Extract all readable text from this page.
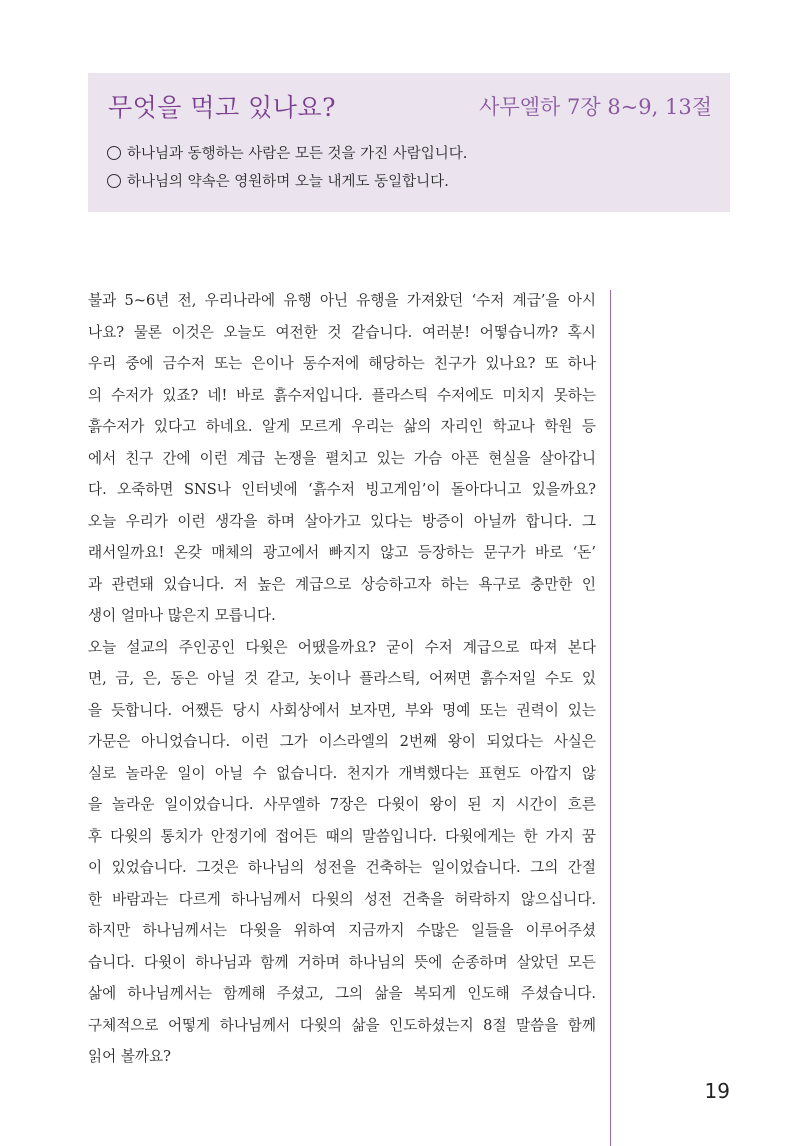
무엇을 먹고 있나요?	사무엘하 7장 8~9, 13절
하나님과 동행하는 사람은 모든 것을 가진 사람입니다.
하나님의 약속은 영원하며 오늘 내게도 동일합니다.
불과 5~6년 전, 우리나라에 유행 아닌 유행을 가져왔던 ‘수저 계급’을 아시
나요? 물론 이것은 오늘도 여전한 것 같습니다. 여러분! 어떻습니까? 혹시
우리 중에 금수저 또는 은이나 동수저에 해당하는 친구가 있나요? 또 하나
의 수저가 있죠? 네! 바로 흙수저입니다. 플라스틱 수저에도 미치지 못하는
흙수저가 있다고 하네요. 알게 모르게 우리는 삶의 자리인 학교나 학원 등
에서 친구 간에 이런 계급 논쟁을 펼치고 있는 가슴 아픈 현실을 살아갑니
다. 오죽하면 SNS나 인터넷에 ‘흙수저 빙고게임’이 돌아다니고 있을까요?
오늘 우리가 이런 생각을 하며 살아가고 있다는 방증이 아닐까 합니다. 그
래서일까요! 온갖 매체의 광고에서 빠지지 않고 등장하는 문구가 바로 ‘돈’
과 관련돼 있습니다. 저 높은 계급으로 상승하고자 하는 욕구로 충만한 인
생이 얼마나 많은지 모릅니다.
오늘 설교의 주인공인 다윗은 어땠을까요? 굳이 수저 계급으로 따져 본다
면, 금, 은, 동은 아닐 것 같고, 놋이나 플라스틱, 어쩌면 흙수저일 수도 있
을 듯합니다. 어쨌든 당시 사회상에서 보자면, 부와 명예 또는 권력이 있는
가문은 아니었습니다. 이런 그가 이스라엘의 2번째 왕이 되었다는 사실은
실로 놀라운 일이 아닐 수 없습니다. 천지가 개벽했다는 표현도 아깝지 않
을 놀라운 일이었습니다. 사무엘하 7장은 다윗이 왕이 된 지 시간이 흐른
후 다윗의 통치가 안정기에 접어든 때의 말씀입니다. 다윗에게는 한 가지 꿈
이 있었습니다. 그것은 하나님의 성전을 건축하는 일이었습니다. 그의 간절
한 바람과는 다르게 하나님께서 다윗의 성전 건축을 허락하지 않으십니다.
하지만 하나님께서는 다윗을 위하여 지금까지 수많은 일들을 이루어주셨
습니다. 다윗이 하나님과 함께 거하며 하나님의 뜻에 순종하며 살았던 모든
삶에 하나님께서는 함께해 주셨고, 그의 삶을 복되게 인도해 주셨습니다.
구체적으로 어떻게 하나님께서 다윗의 삶을 인도하셨는지 8절 말씀을 함께
읽어 볼까요?
19
